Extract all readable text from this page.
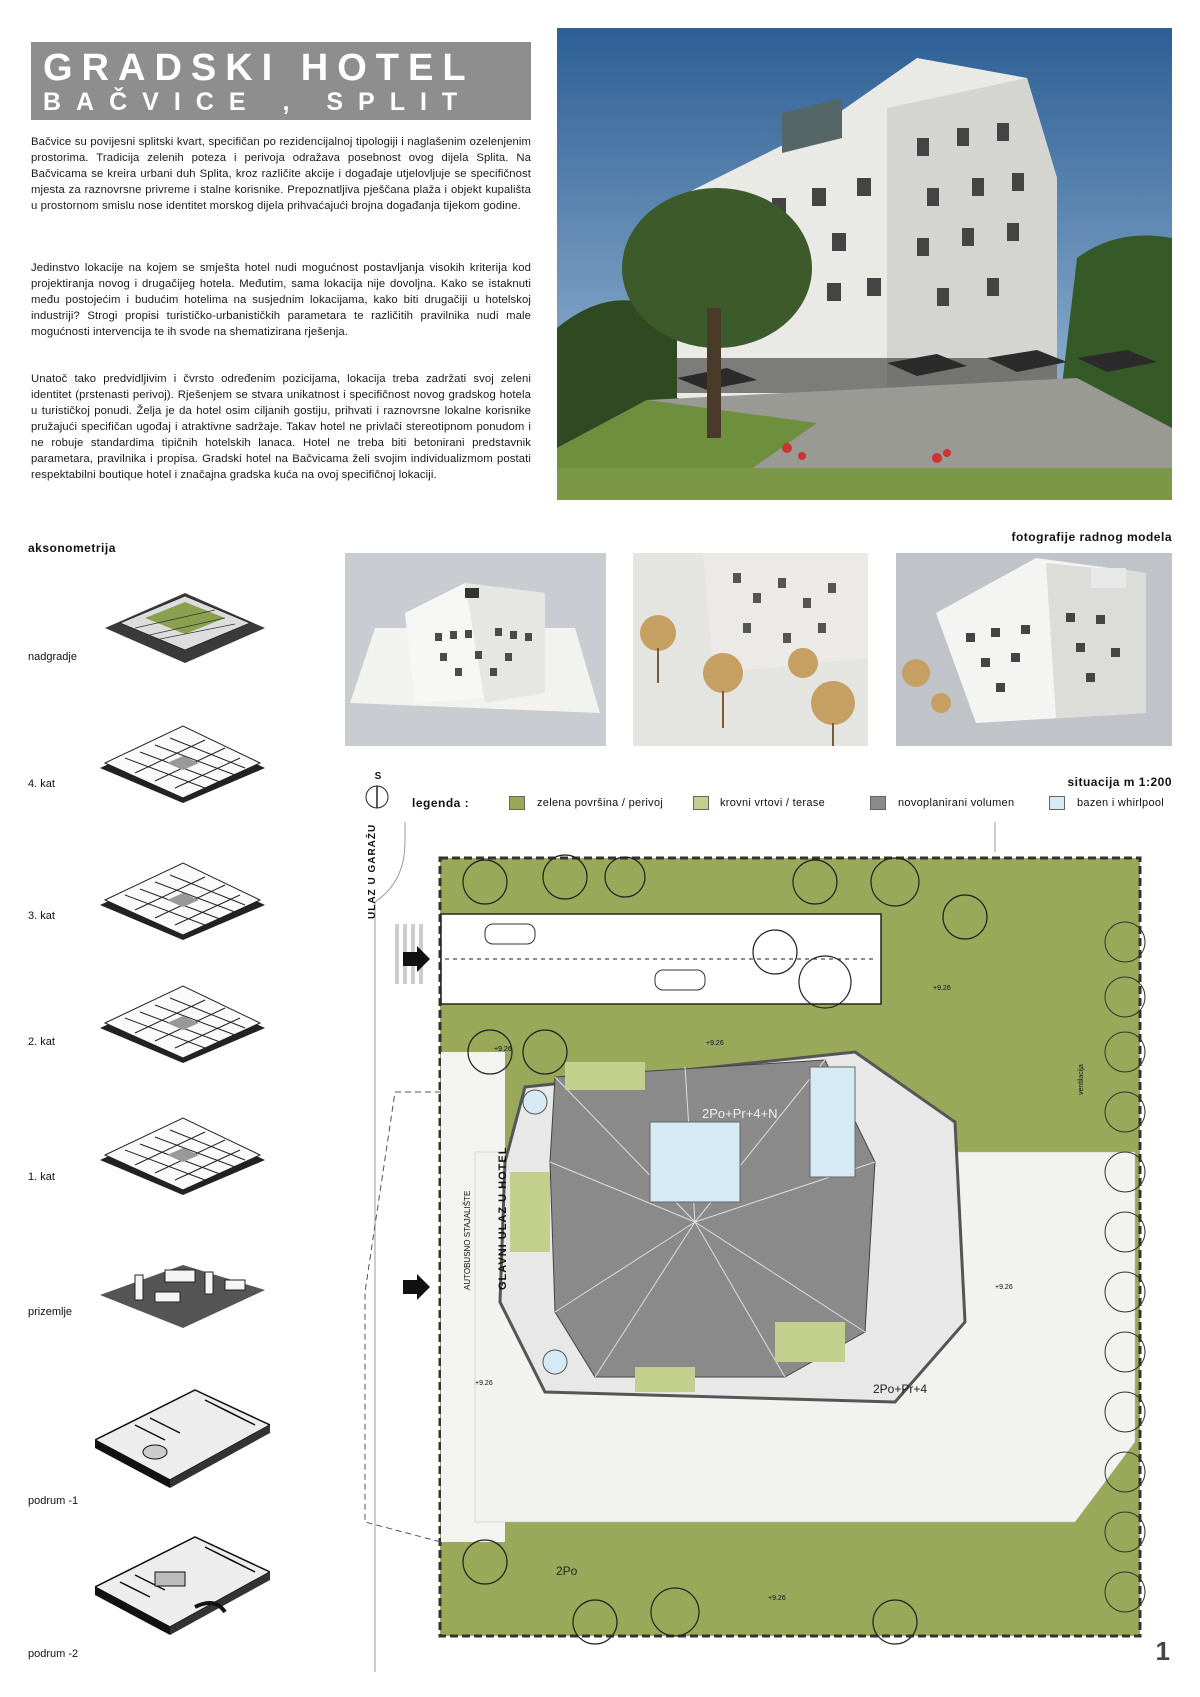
GRADSKI HOTEL
BAČVICE , SPLIT
Bačvice su povijesni splitski kvart, specifičan po rezidencijalnoj tipologiji i naglašenim ozelenjenim prostorima. Tradicija zelenih poteza i perivoja odražava posebnost ovog dijela Splita. Na Bačvicama se kreira urbani duh Splita, kroz različite akcije i događaje utjelovljuje se specifičnost mjesta za raznovrsne privreme i stalne korisnike. Prepoznatljiva pješčana plaža i objekt kupališta u prostornom smislu nose identitet morskog dijela prihvaćajući brojna događanja tijekom godine.
Jedinstvo lokacije na kojem se smješta hotel nudi mogućnost postavljanja visokih kriterija kod projektiranja novog i drugačijeg hotela. Međutim, sama lokacija nije dovoljna. Kako se istaknuti među postojećim i budućim hotelima na susjednim lokacijama, kako biti drugačiji u hotelskoj industriji? Strogi propisi turističko-urbanističkih parametara te različitih pravilnika nudi male mogućnosti intervencija te ih svode na shematizirana rješenja.
Unatoč tako predvidljivim i čvrsto određenim pozicijama, lokacija treba zadržati svoj zeleni identitet (prstenasti perivoj). Rješenjem se stvara unikatnost i specifičnost novog gradskog hotela u turističkoj ponudi. Želja je da hotel osim ciljanih gostiju, prihvati i raznovrsne lokalne korisnike pružajući specifičan ugođaj i atraktivne sadržaje. Takav hotel ne privlači stereotipnom ponudom i ne robuje standardima tipičnih hotelskih lanaca. Hotel ne treba biti betonirani predstavnik parametara, pravilnika i propisa. Gradski hotel na Bačvicama želi svojim individualizmom postati respektabilni boutique hotel i značajna gradska kuća na ovoj specifičnoj lokaciji.
aksonometrija
fotografije radnog modela
nadgradje
4. kat
3. kat
2. kat
1. kat
prizemlje
podrum -1
podrum -2
S	situacija m 1:200
legenda :	zelena površina / perivoj	krovni vrtovi / terase	novoplanirani volumen	bazen i whirlpool
ULAZ U GARAŽU
GLAVNI ULAZ U HOTEL
AUTOBUSNO STAJALIŠTE
2Po+Pr+4+N
2Po+Pr+4
2Po
+9.26
+9.26
+9.26
+9.26
+9.26
+9.26
ventilacija
1
